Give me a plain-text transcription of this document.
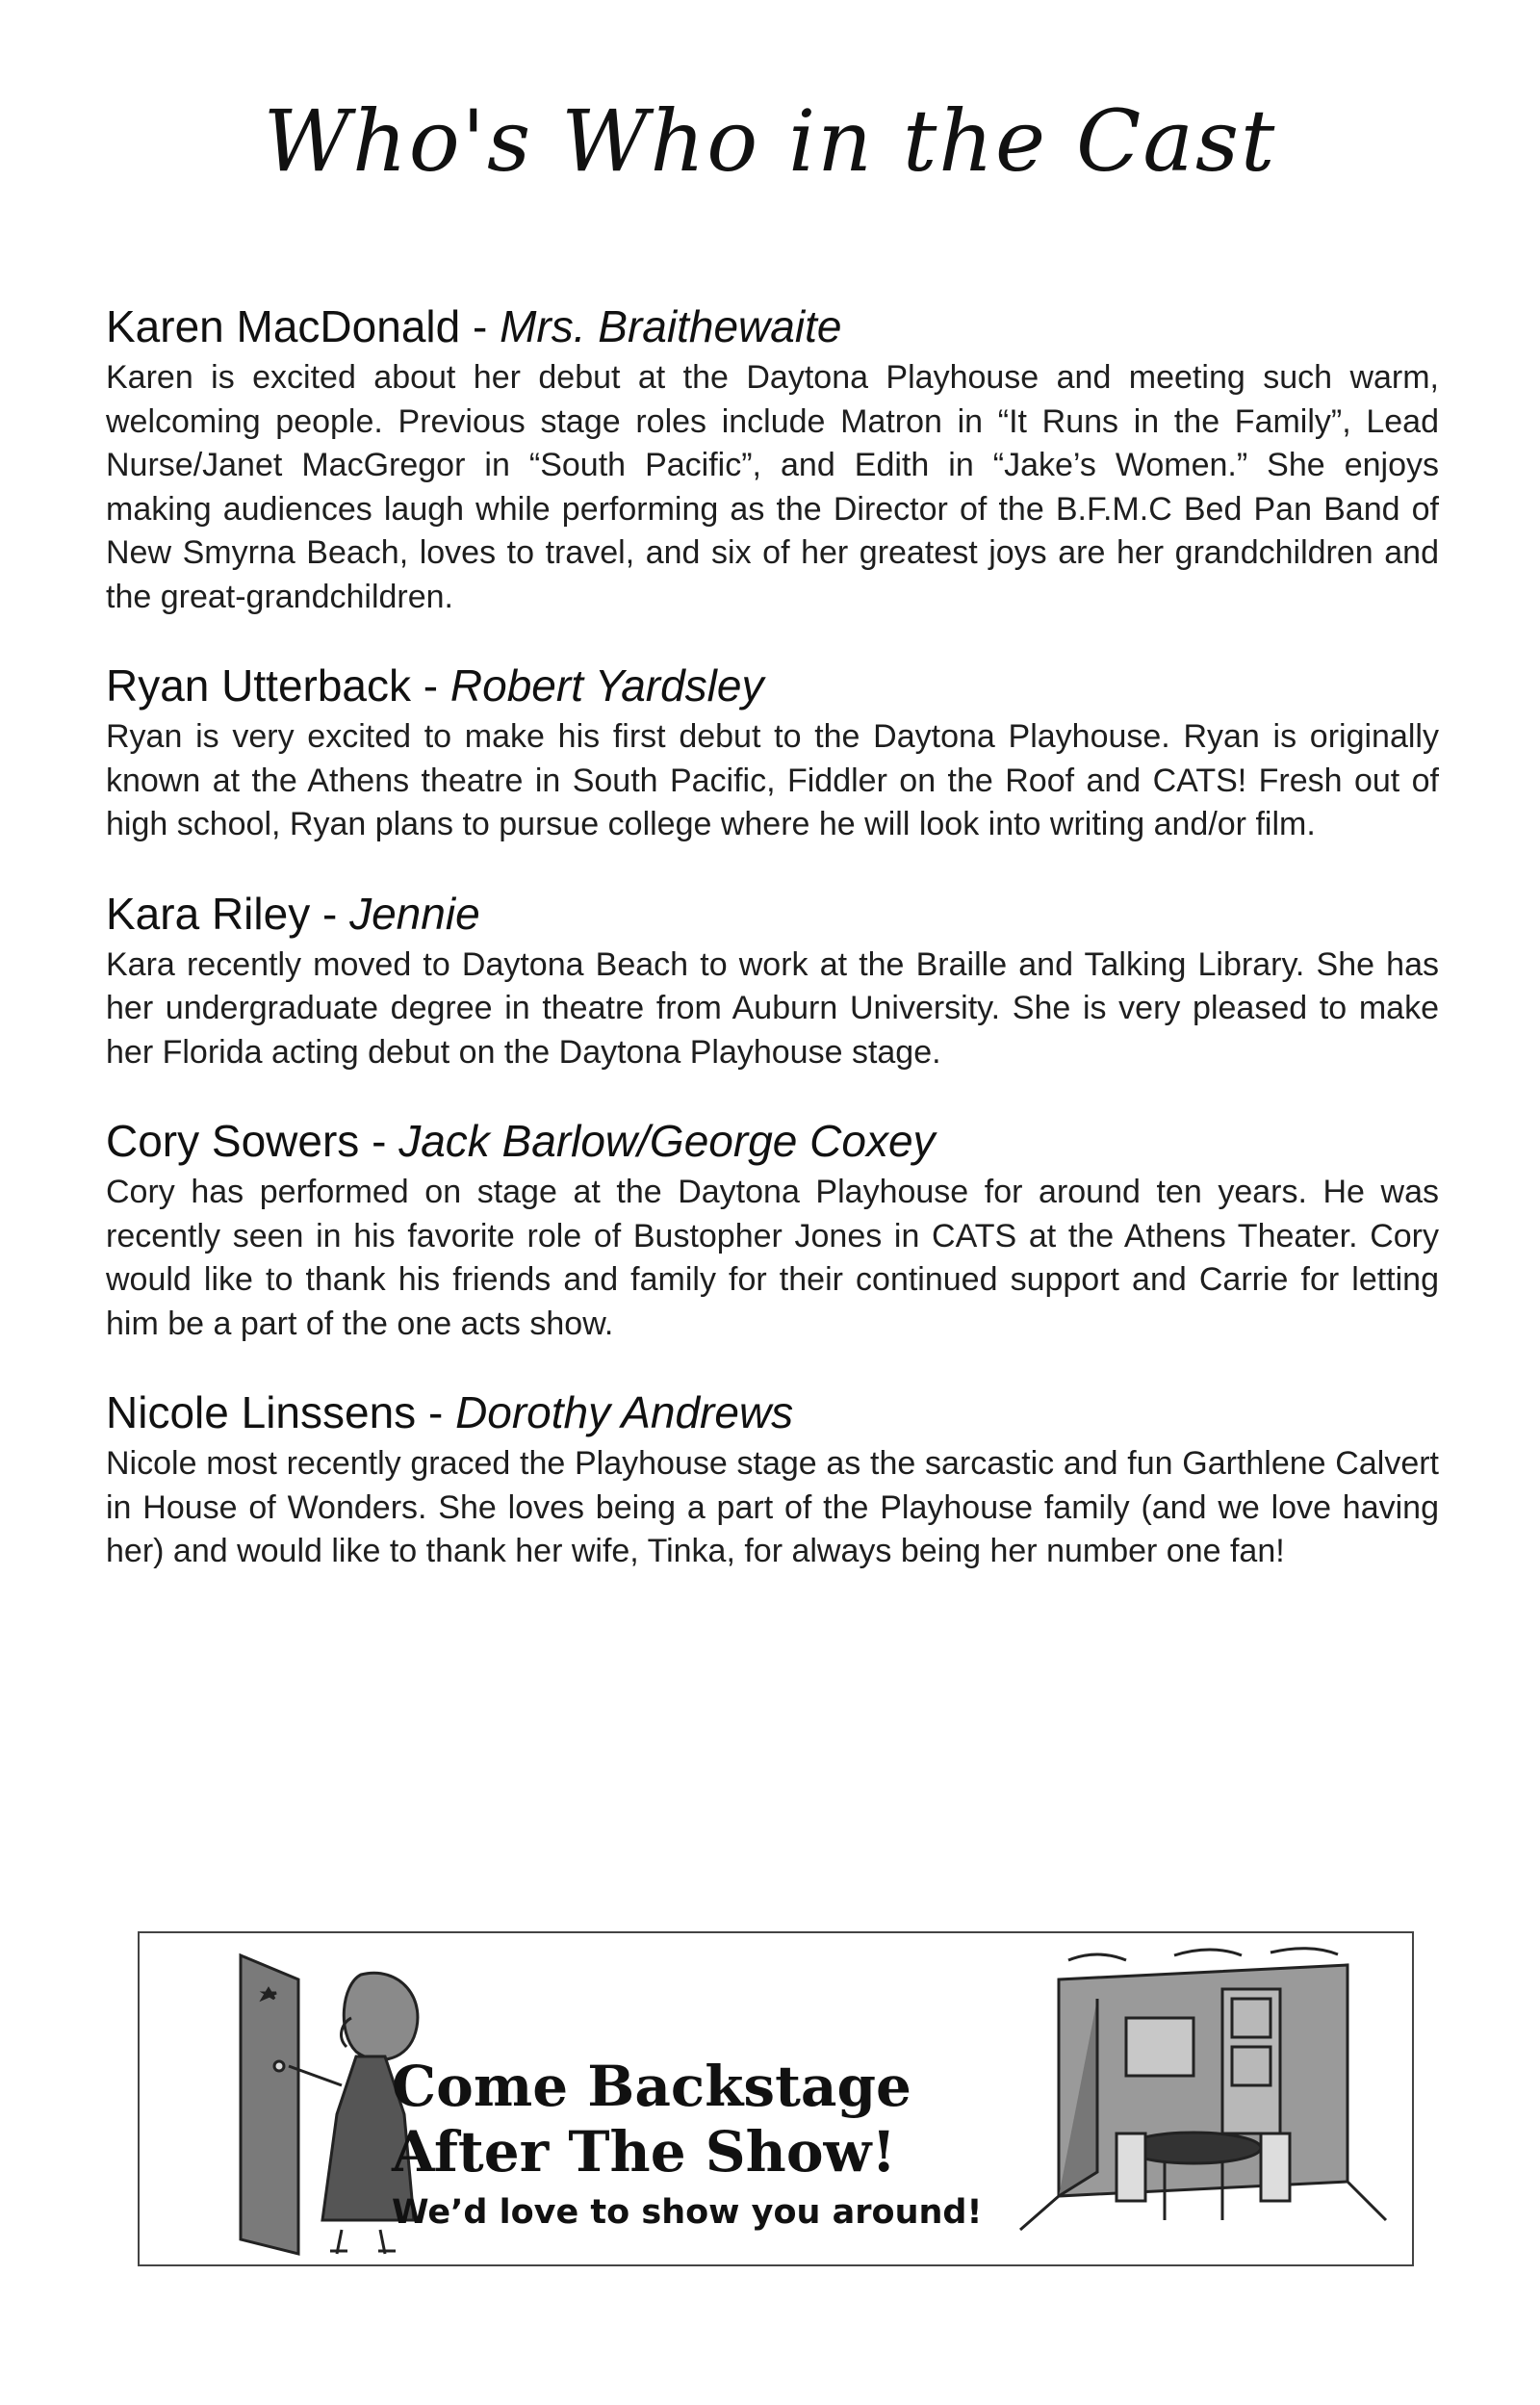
Who's Who in the Cast

Karen MacDonald - Mrs. Braithewaite

Karen is excited about her debut at the Daytona Playhouse and meeting such warm, welcoming people. Previous stage roles include Matron in “It Runs in the Family”, Lead Nurse/Janet MacGregor in “South Pacific”, and Edith in “Jake’s Women.” She enjoys making audiences laugh while performing as the Director of the B.F.M.C Bed Pan Band of New Smyrna Beach, loves to travel, and six of her greatest joys are her grandchildren and the great-grandchildren.

Ryan Utterback - Robert Yardsley

Ryan is very excited to make his first debut to the Daytona Playhouse. Ryan is originally known at the Athens theatre in South Pacific, Fiddler on the Roof and CATS! Fresh out of high school, Ryan plans to pursue college where he will look into writing and/or film.

Kara Riley - Jennie

Kara recently moved to Daytona Beach to work at the Braille and Talking Library. She has her undergraduate degree in theatre from Auburn University. She is very pleased to make her Florida acting debut on the Daytona Playhouse stage.

Cory Sowers - Jack Barlow/George Coxey

Cory has performed on stage at the Daytona Playhouse for around ten years. He was recently seen in his favorite role of Bustopher Jones in CATS at the Athens Theater. Cory would like to thank his friends and family for their continued support and Carrie for letting him be a part of the one acts show.

Nicole Linssens - Dorothy Andrews

Nicole most recently graced the Playhouse stage as the sarcastic and fun Garthlene Calvert in House of Wonders. She loves being a part of the Playhouse family (and we love having her) and would like to thank her wife, Tinka, for always being her number one fan!

Come Backstage
After The Show!
We’d love to show you around!
